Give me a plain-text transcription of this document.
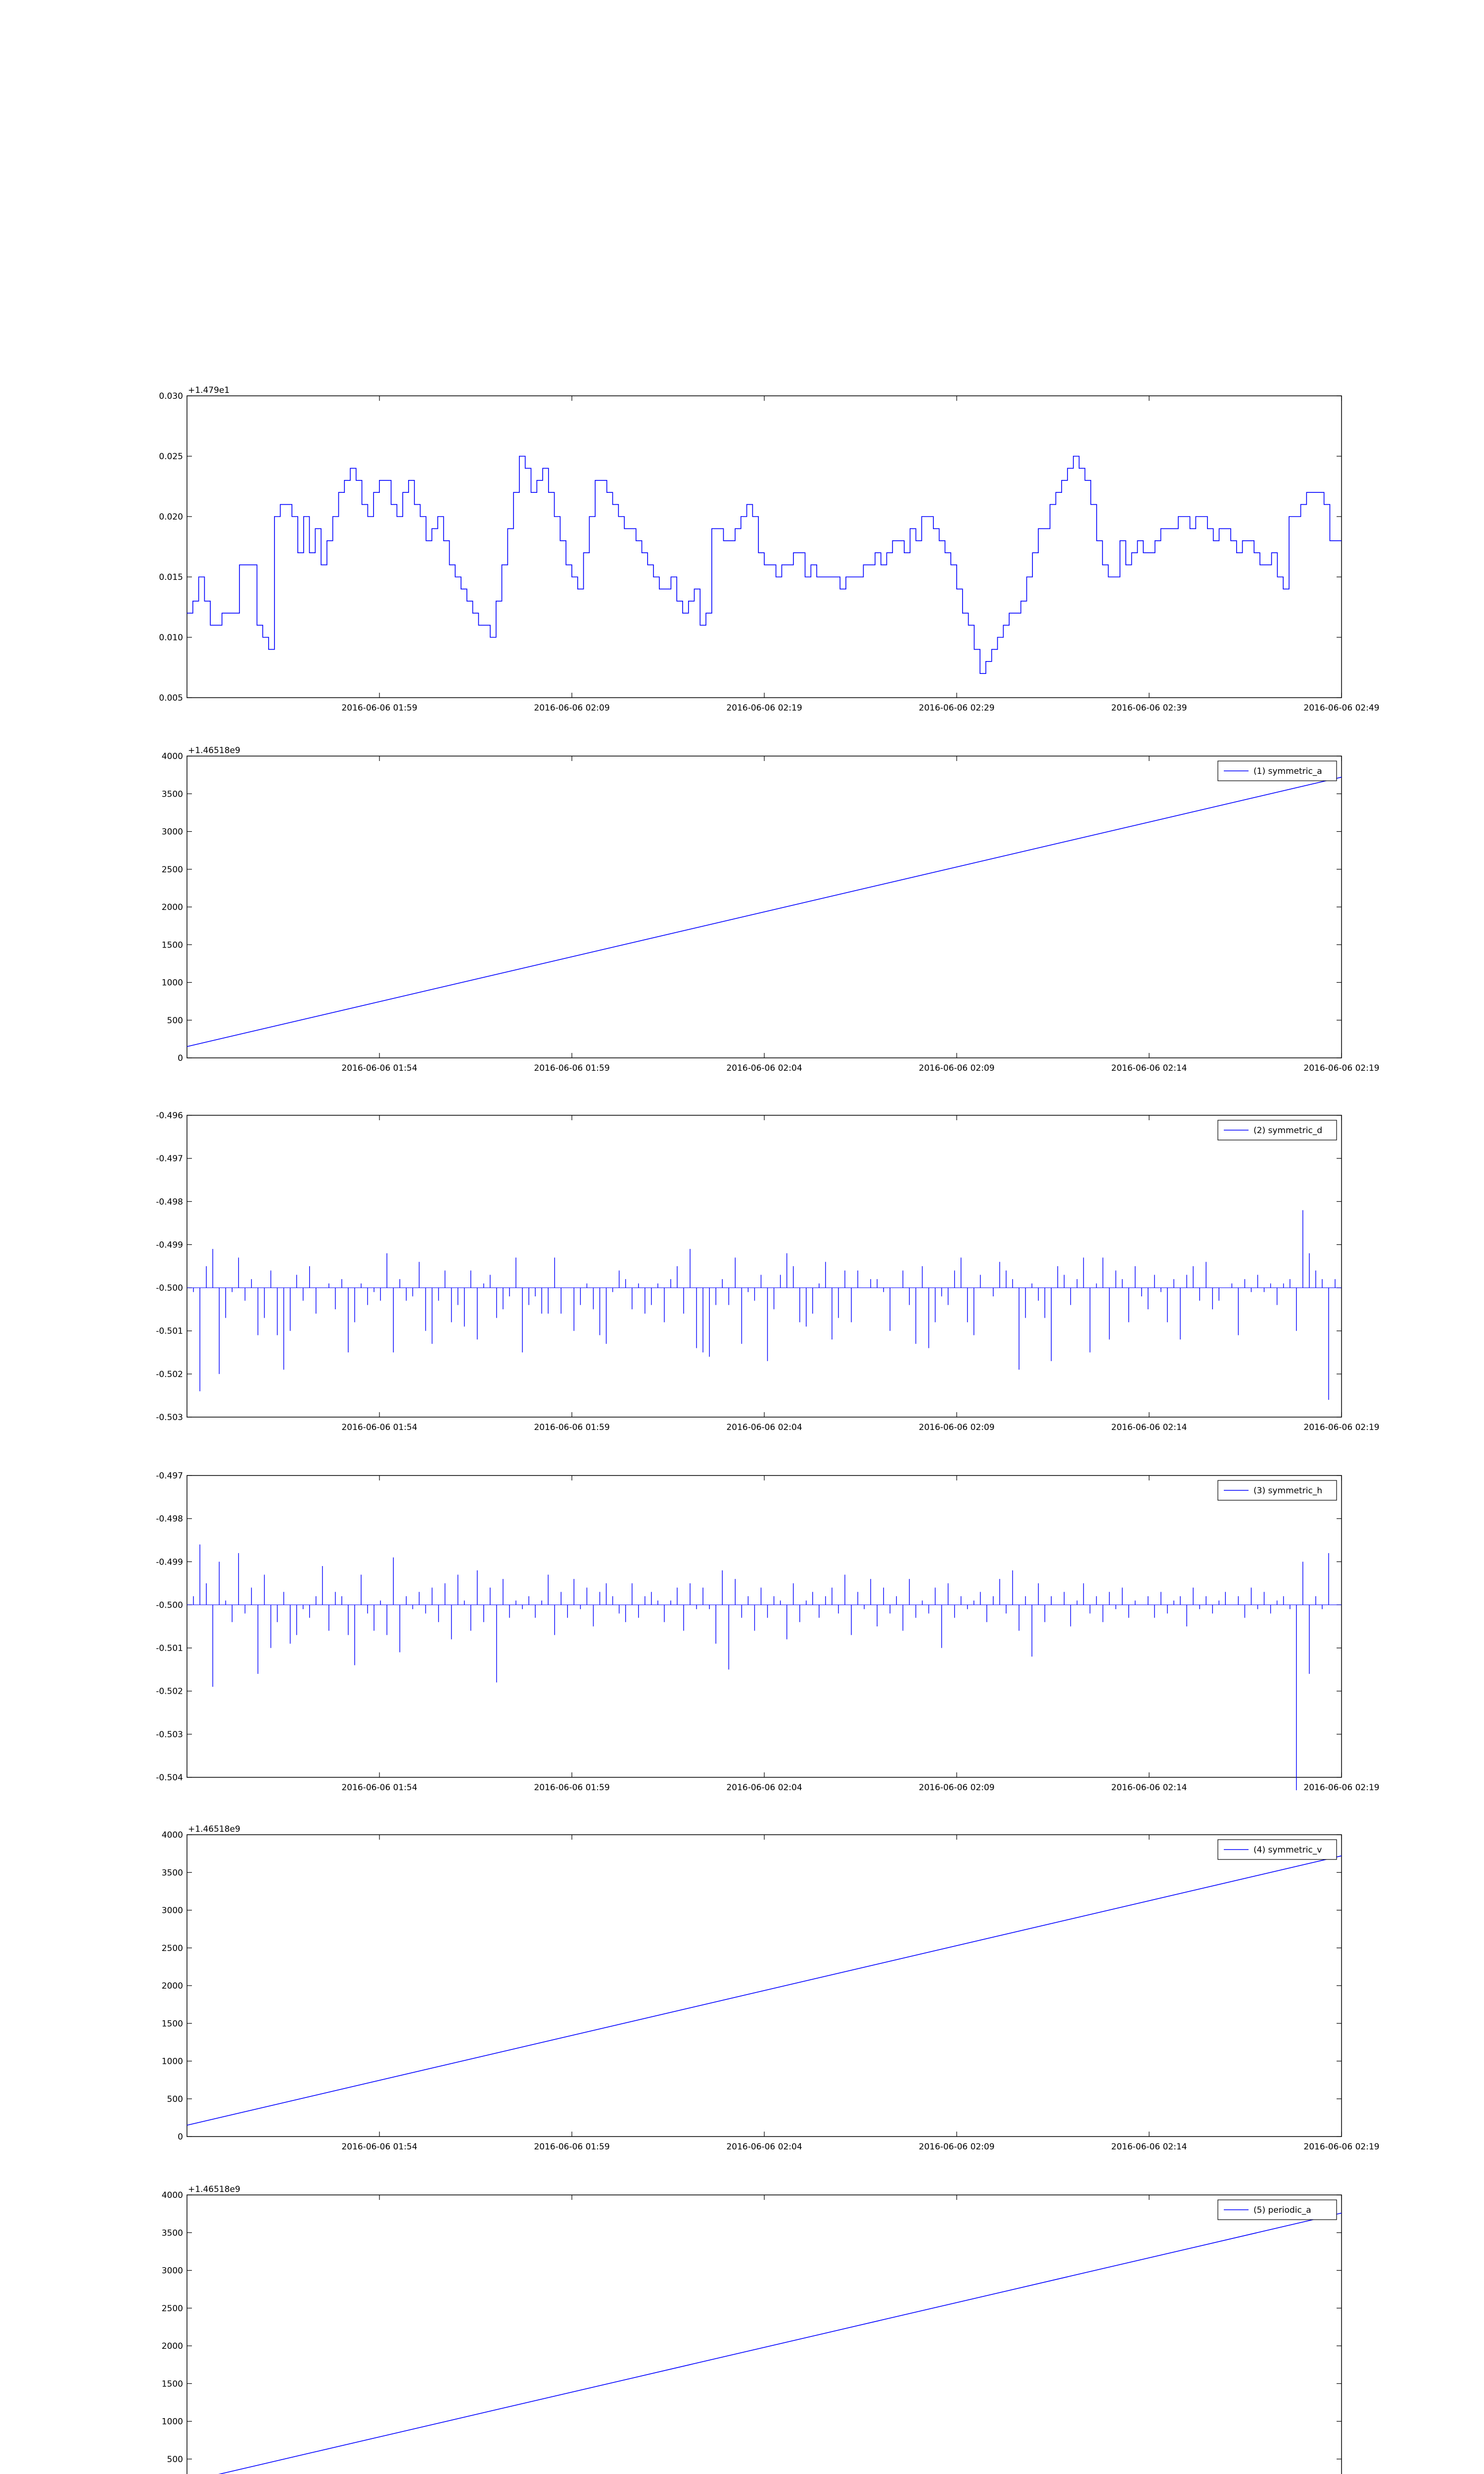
0.005
0.010
0.015
0.020
0.025
0.030
2016-06-06 01:59	2016-06-06 02:09	2016-06-06 02:19	2016-06-06 02:29	2016-06-06 02:39	2016-06-06 02:49
+1.479e1
0
500
1000
1500
2000
2500
3000
3500
4000
2016-06-06 01:54	2016-06-06 01:59	2016-06-06 02:04	2016-06-06 02:09	2016-06-06 02:14	2016-06-06 02:19
+1.46518e9
(1) symmetric_a
-0.503
-0.502
-0.501
-0.500
-0.499
-0.498
-0.497
-0.496
2016-06-06 01:54	2016-06-06 01:59	2016-06-06 02:04	2016-06-06 02:09	2016-06-06 02:14	2016-06-06 02:19
(2) symmetric_d
-0.504
-0.503
-0.502
-0.501
-0.500
-0.499
-0.498
-0.497
2016-06-06 01:54	2016-06-06 01:59	2016-06-06 02:04	2016-06-06 02:09	2016-06-06 02:14	2016-06-06 02:19
(3) symmetric_h
0
500
1000
1500
2000
2500
3000
3500
4000
2016-06-06 01:54	2016-06-06 01:59	2016-06-06 02:04	2016-06-06 02:09	2016-06-06 02:14	2016-06-06 02:19
+1.46518e9
(4) symmetric_v
500
1000
1500
2000
2500
3000
3500
4000
+1.46518e9
(5) periodic_a
